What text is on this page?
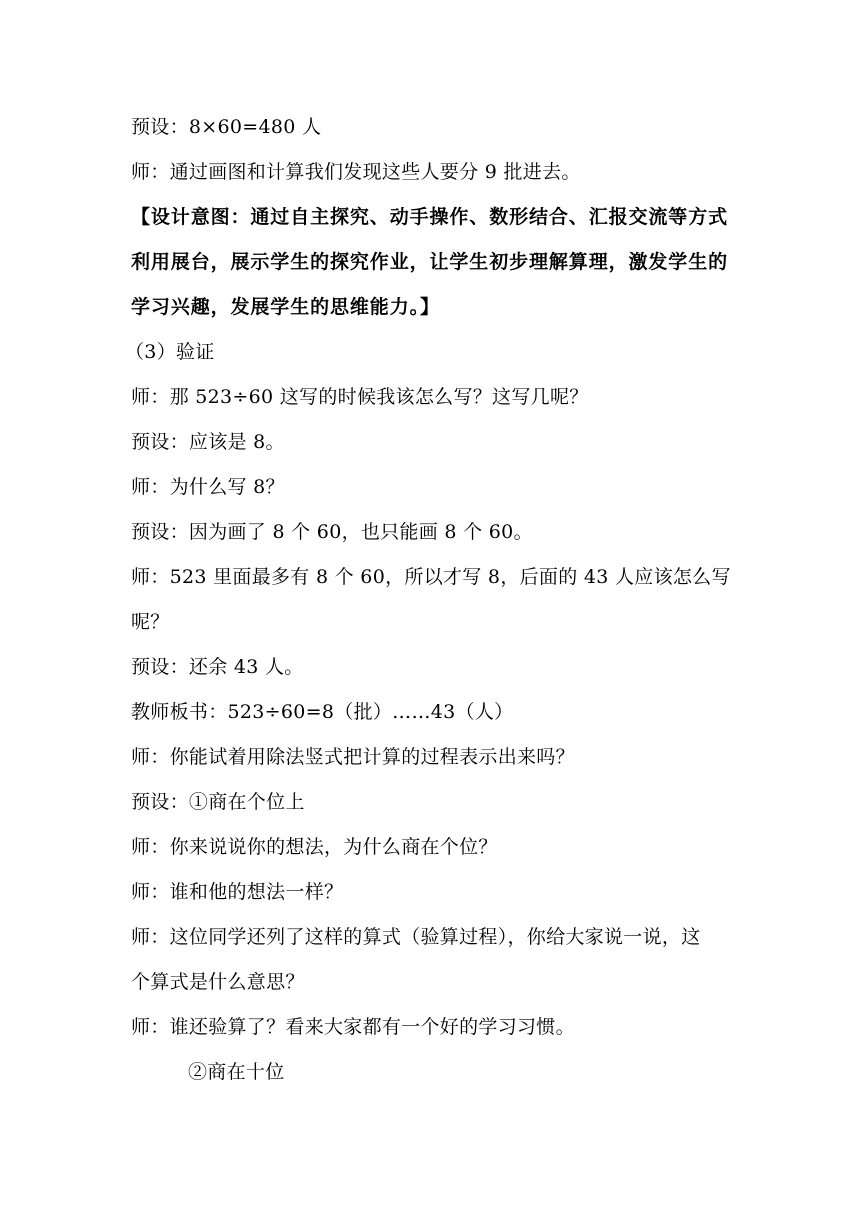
预设：8×60=480 人
师：通过画图和计算我们发现这些人要分 9 批进去。
【设计意图：通过自主探究、动手操作、数形结合、汇报交流等方式
利用展台，展示学生的探究作业，让学生初步理解算理，激发学生的
学习兴趣，发展学生的思维能力。】
（3）验证
师：那 523÷60 这写的时候我该怎么写？这写几呢？
预设：应该是 8。
师：为什么写 8？
预设：因为画了 8 个 60，也只能画 8 个 60。
师：523 里面最多有 8 个 60，所以才写 8，后面的 43 人应该怎么写
呢？
预设：还余 43 人。
教师板书：523÷60=8（批）……43（人）
师：你能试着用除法竖式把计算的过程表示出来吗？
预设：①商在个位上
师：你来说说你的想法，为什么商在个位？
师：谁和他的想法一样？
师：这位同学还列了这样的算式（验算过程），你给大家说一说，这
个算式是什么意思？
师：谁还验算了？看来大家都有一个好的学习习惯。
②商在十位
